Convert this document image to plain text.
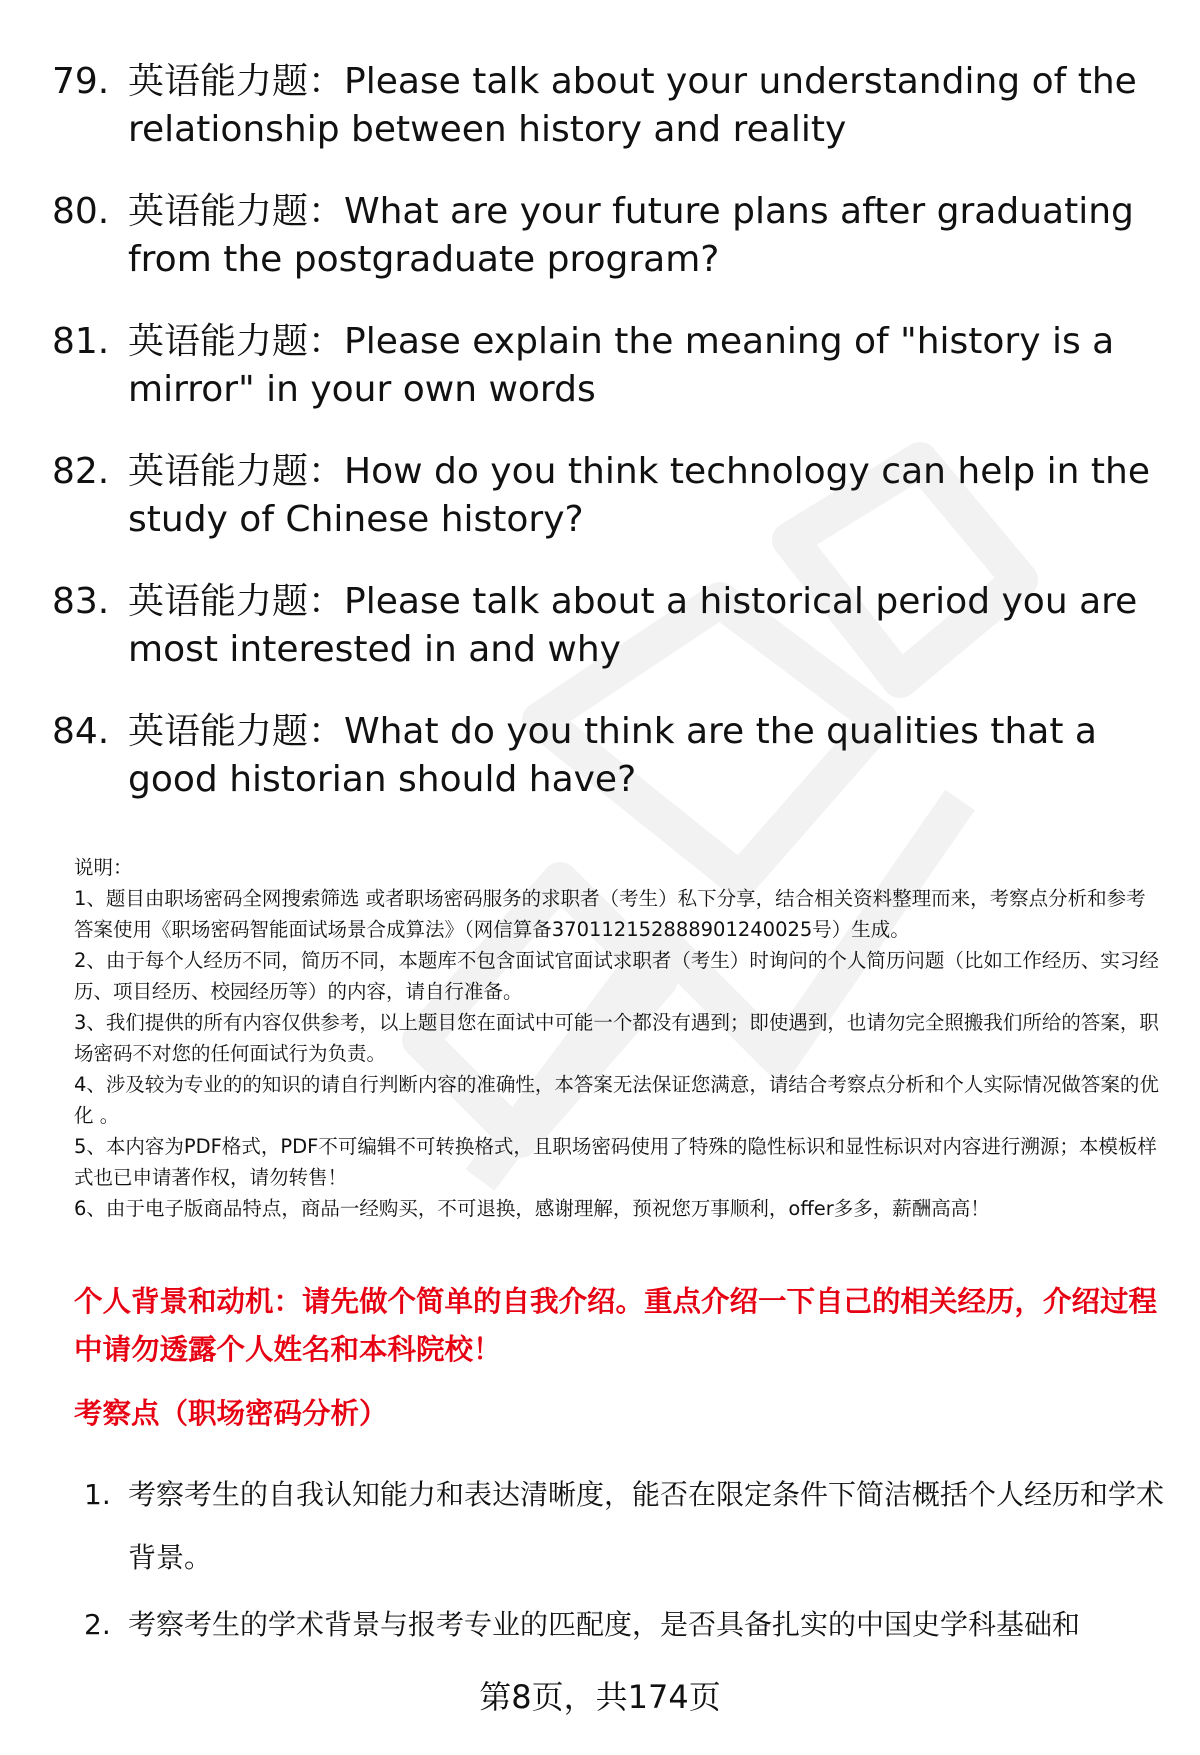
79. 英语能力题：Please talk about your understanding of the relationship between history and reality
80. 英语能力题：What are your future plans after graduating from the postgraduate program?
81. 英语能力题：Please explain the meaning of "history is a mirror" in your own words
82. 英语能力题：How do you think technology can help in the study of Chinese history?
83. 英语能力题：Please talk about a historical period you are most interested in and why
84. 英语能力题：What do you think are the qualities that a good historian should have?

说明：

1、题目由职场密码全网搜索筛选 或者职场密码服务的求职者（考生）私下分享，结合相关资料整理而来，考察点分析和参考答案使用《职场密码智能面试场景合成算法》（网信算备370112152888901240025号）生成。

2、由于每个人经历不同，简历不同，本题库不包含面试官面试求职者（考生）时询问的个人简历问题（比如工作经历、实习经历、项目经历、校园经历等）的内容，请自行准备。

3、我们提供的所有内容仅供参考，以上题目您在面试中可能一个都没有遇到；即使遇到，也请勿完全照搬我们所给的答案，职场密码不对您的任何面试行为负责。

4、涉及较为专业的的知识的请自行判断内容的准确性，本答案无法保证您满意，请结合考察点分析和个人实际情况做答案的优化 。

5、本内容为PDF格式，PDF不可编辑不可转换格式，且职场密码使用了特殊的隐性标识和显性标识对内容进行溯源；本模板样式也已申请著作权，请勿转售！

6、由于电子版商品特点，商品一经购买，不可退换，感谢理解，预祝您万事顺利，offer多多，薪酬高高！

个人背景和动机：请先做个简单的自我介绍。重点介绍一下自己的相关经历，介绍过程中请勿透露个人姓名和本科院校！
考察点（职场密码分析）
1. 考察考生的自我认知能力和表达清晰度，能否在限定条件下简洁概括个人经历和学术背景。
2. 考察考生的学术背景与报考专业的匹配度，是否具备扎实的中国史学科基础和
第8页，共174页
